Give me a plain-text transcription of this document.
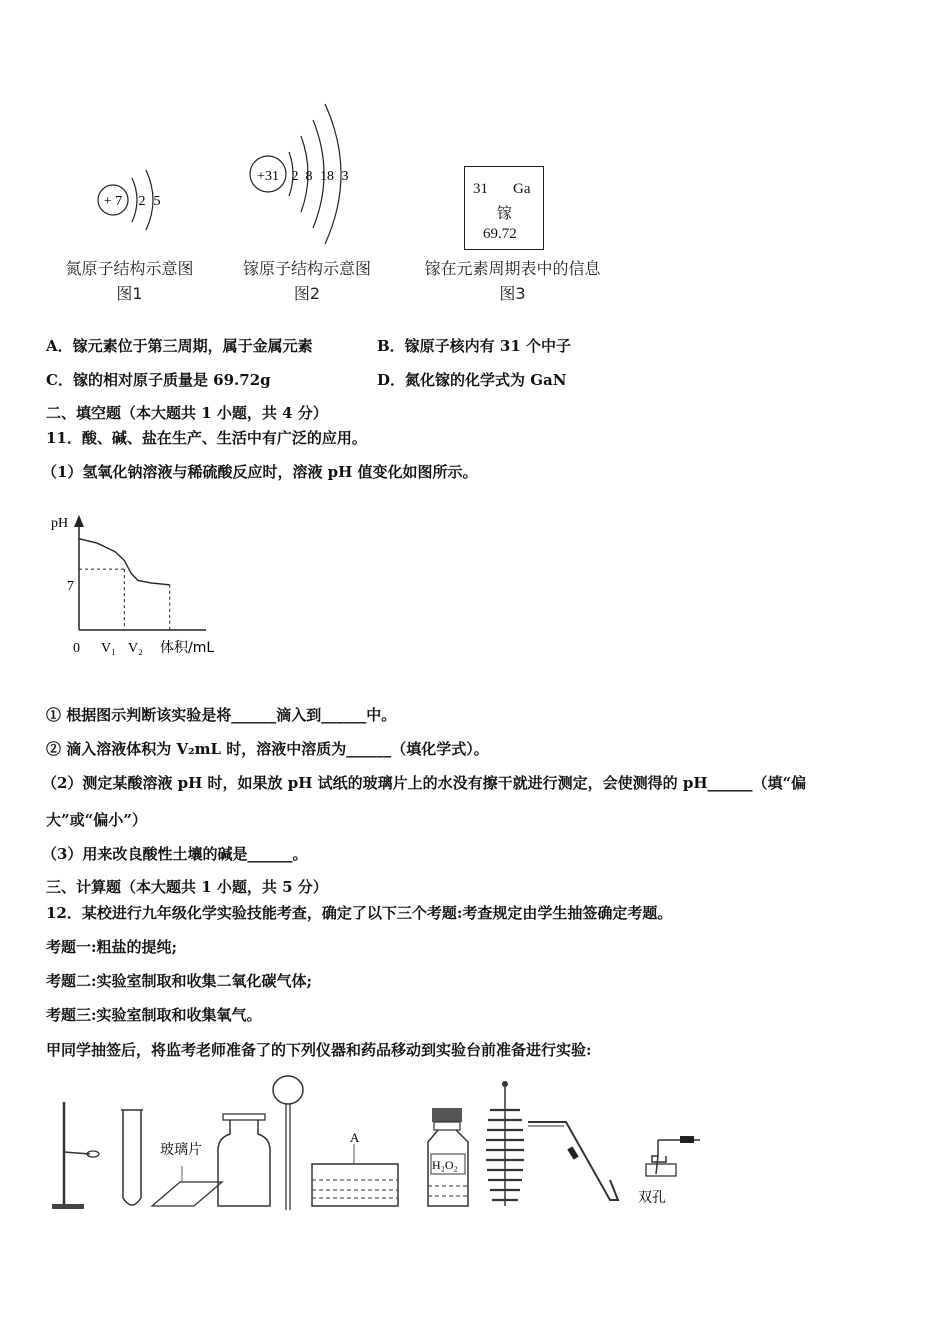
+ 7 2 5
氮原子结构示意图
图1
+31 2 8 18 3
镓原子结构示意图
图2
31 Ga
镓
69.72
镓在元素周期表中的信息
图3
A．镓元素位于第三周期，属于金属元素	B．镓原子核内有 31 个中子
C．镓的相对原子质量是 69.72g	D．氮化镓的化学式为 GaN
二、填空题（本大题共 1 小题，共 4 分）
11．酸、碱、盐在生产、生活中有广泛的应用。
（1）氢氧化钠溶液与稀硫酸反应时，溶液 pH 值变化如图所示。
pH
体积/mL
0 V₁ V₂
7
① 根据图示判断该实验是将______滴入到______中。
② 滴入溶液体积为 V₂mL 时，溶液中溶质为______（填化学式）。
（2）测定某酸溶液 pH 时，如果放 pH 试纸的玻璃片上的水没有擦干就进行测定，会使测得的 pH______（填“偏
大”或“偏小”）
（3）用来改良酸性土壤的碱是______。
三、计算题（本大题共 1 小题，共 5 分）
12．某校进行九年级化学实验技能考查，确定了以下三个考题:考查规定由学生抽签确定考题。
考题一:粗盐的提纯;
考题二:实验室制取和收集二氧化碳气体;
考题三:实验室制取和收集氧气。
甲同学抽签后，将监考老师准备了的下列仪器和药品移动到实验台前准备进行实验:
玻璃片
A
H₂O₂
双孔
